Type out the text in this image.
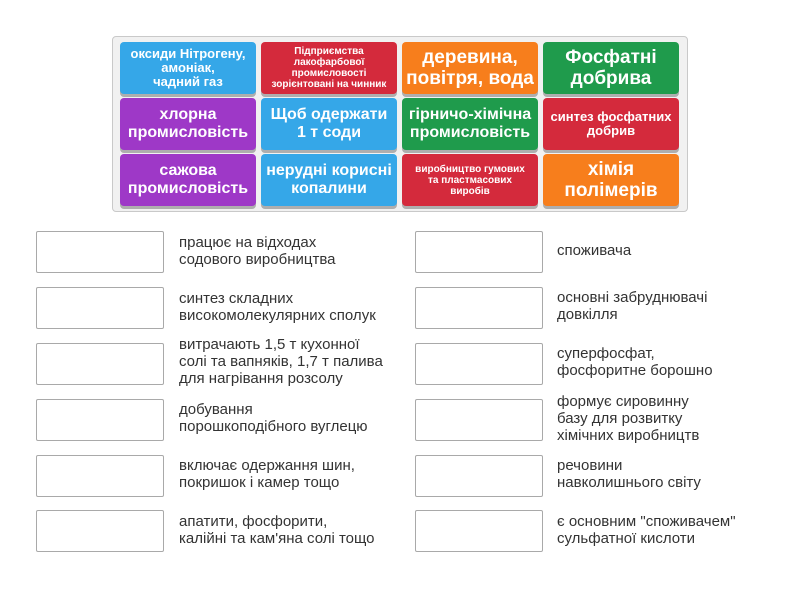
оксиди Нітрогену,
амоніак,
чадний газ
Підприємства лакофарбової промисловості зорієнтовані на чинник
деревина,
повітря, вода
Фосфатні
добрива
хлорна
промисловість
Щоб одержати
1 т соди
гірничо-хімічна
промисловість
синтез фосфатних
добрив
сажова
промисловість
нерудні корисні
копалини
виробництво гумових
та пластмасових
виробів
хімія
полімерів
працює на відходах
содового виробництва
синтез складних
високомолекулярних сполук
витрачають 1,5 т кухонної
солі та вапняків, 1,7 т палива
для нагрівання розсолу
добування
порошкоподібного вуглецю
включає одержання шин,
покришок і камер тощо
апатити, фосфорити,
калійні та кам'яна солі тощо
споживача
основні забруднювачі
довкілля
суперфосфат,
фосфоритне борошно
формує сировинну
базу для розвитку
хімічних виробництв
речовини
навколишнього світу
є основним "споживачем"
сульфатної кислоти
